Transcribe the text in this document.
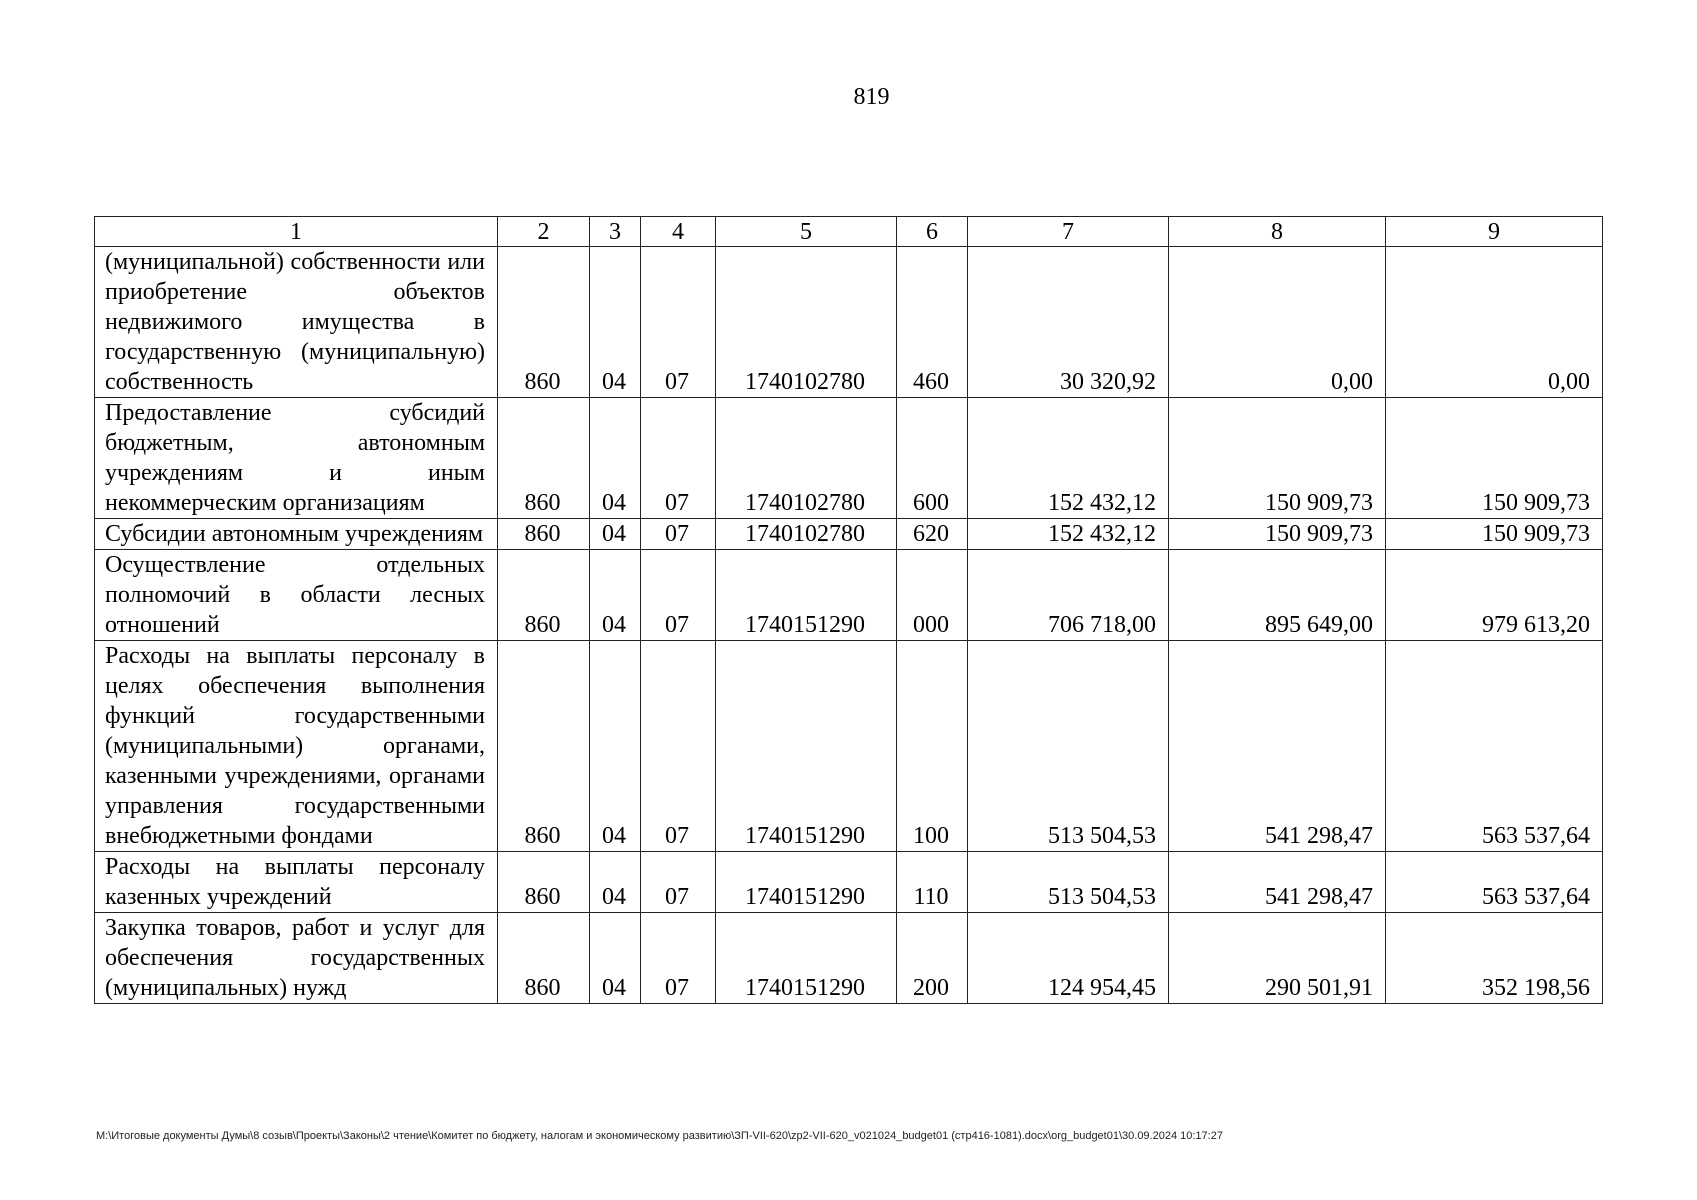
819
1	2	3	4	5	6	7	8	9
(муниципальной) собственности или приобретение объектов недвижимого имущества в государственную (муниципальную) собственность	860	04	07	1740102780	460	30 320,92	0,00	0,00
Предоставление субсидий бюджетным, автономным учреждениям и иным некоммерческим организациям	860	04	07	1740102780	600	152 432,12	150 909,73	150 909,73
Субсидии автономным учреждениям	860	04	07	1740102780	620	152 432,12	150 909,73	150 909,73
Осуществление отдельных полномочий в области лесных отношений	860	04	07	1740151290	000	706 718,00	895 649,00	979 613,20
Расходы на выплаты персоналу в целях обеспечения выполнения функций государственными (муниципальными) органами, казенными учреждениями, органами управления государственными внебюджетными фондами	860	04	07	1740151290	100	513 504,53	541 298,47	563 537,64
Расходы на выплаты персоналу казенных учреждений	860	04	07	1740151290	110	513 504,53	541 298,47	563 537,64
Закупка товаров, работ и услуг для обеспечения государственных (муниципальных) нужд	860	04	07	1740151290	200	124 954,45	290 501,91	352 198,56
M:\Итоговые документы Думы\8 созыв\Проекты\Законы\2 чтение\Комитет по бюджету, налогам и экономическому развитию\ЗП-VII-620\zp2-VII-620_v021024_budget01 (стр416-1081).docx\org_budget01\30.09.2024 10:17:27
